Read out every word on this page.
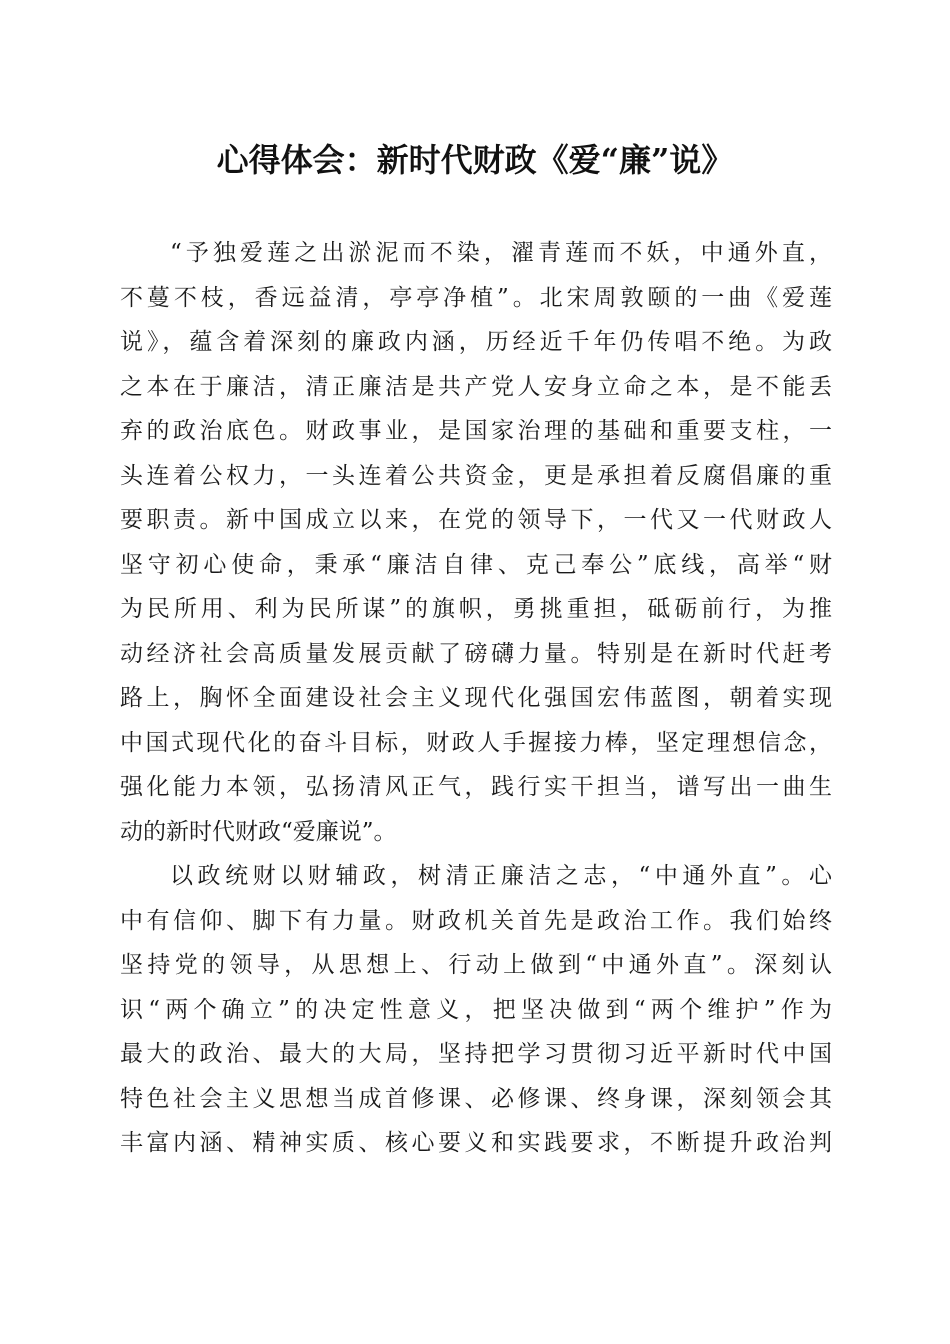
心得体会：新时代财政《爱“廉”说》
“予独爱莲之出淤泥而不染，濯青莲而不妖，中通外直，
不蔓不枝，香远益清，亭亭净植”。北宋周敦颐的一曲《爱莲
说》，蕴含着深刻的廉政内涵，历经近千年仍传唱不绝。为政
之本在于廉洁，清正廉洁是共产党人安身立命之本，是不能丢
弃的政治底色。财政事业，是国家治理的基础和重要支柱，一
头连着公权力，一头连着公共资金，更是承担着反腐倡廉的重
要职责。新中国成立以来，在党的领导下，一代又一代财政人
坚守初心使命，秉承“廉洁自律、克己奉公”底线，高举“财
为民所用、利为民所谋”的旗帜，勇挑重担，砥砺前行，为推
动经济社会高质量发展贡献了磅礴力量。特别是在新时代赶考
路上，胸怀全面建设社会主义现代化强国宏伟蓝图，朝着实现
中国式现代化的奋斗目标，财政人手握接力棒，坚定理想信念，
强化能力本领，弘扬清风正气，践行实干担当，谱写出一曲生
动的新时代财政“爱廉说”。
以政统财以财辅政，树清正廉洁之志，“中通外直”。心
中有信仰、脚下有力量。财政机关首先是政治工作。我们始终
坚持党的领导，从思想上、行动上做到“中通外直”。深刻认
识“两个确立”的决定性意义，把坚决做到“两个维护”作为
最大的政治、最大的大局，坚持把学习贯彻习近平新时代中国
特色社会主义思想当成首修课、必修课、终身课，深刻领会其
丰富内涵、精神实质、核心要义和实践要求，不断提升政治判
